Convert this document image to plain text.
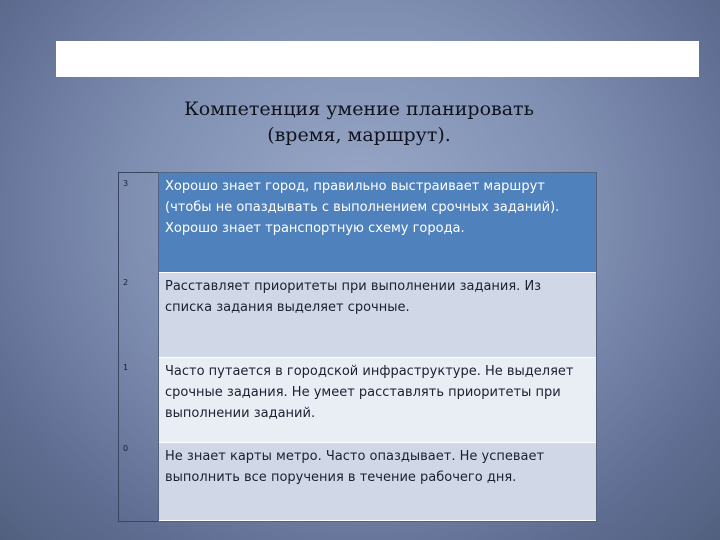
Компетенция умение планировать
(время, маршрут).
3
2
1
0
Хорошо знает город, правильно выстраивает маршрут (чтобы не опаздывать с выполнением срочных заданий). Хорошо знает транспортную схему города.
Расставляет приоритеты при выполнении задания. Из списка задания выделяет срочные.
Часто путается в городской инфраструктуре. Не выделяет срочные задания. Не умеет расставлять приоритеты при выполнении заданий.
Не знает карты метро. Часто опаздывает. Не успевает выполнить все поручения в течение рабочего дня.
